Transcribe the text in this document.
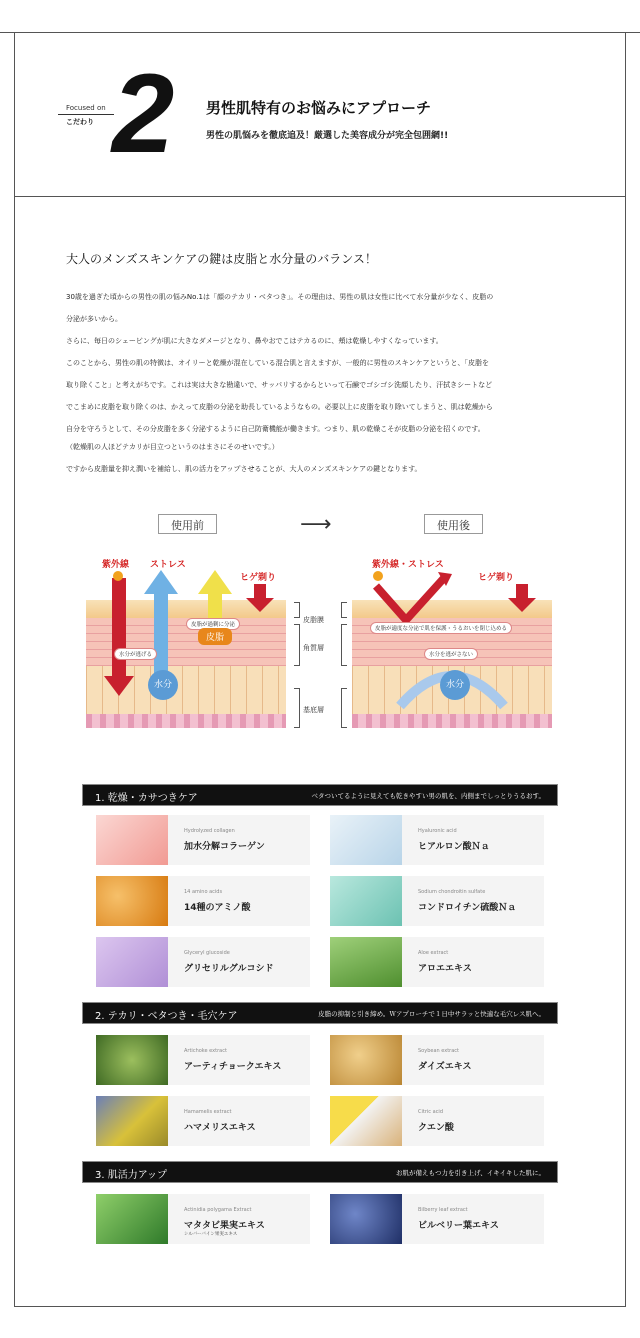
Focused on
こだわり 2 男性肌特有のお悩みにアプローチ
男性の肌悩みを徹底追及！厳選した美容成分が完全包囲網!!
大人のメンズスキンケアの鍵は皮脂と水分量のバランス！
30歳を過ぎた頃からの男性の肌の悩みNo.1は「顔のテカリ・ベタつき」。その理由は、男性の肌は女性に比べて水分量が少なく、皮脂の
分泌が多いから。
さらに、毎日のシェービングが肌に大きなダメージとなり、鼻やおでこはテカるのに、頬は乾燥しやすくなっています。
このことから、男性の肌の特徴は、オイリーと乾燥が混在している混合肌と言えますが、一般的に男性のスキンケアというと、「皮脂を
取り除くこと」と考えがちです。これは実は大きな勘違いで、サッパリするからといって石鹸でゴシゴシ洗顔したり、汗拭きシートなど
でこまめに皮脂を取り除くのは、かえって皮脂の分泌を助長しているようなもの。必要以上に皮脂を取り除いてしまうと、肌は乾燥から
自分を守ろうとして、その分皮脂を多く分泌するように自己防衛機能が働きます。つまり、肌の乾燥こそが皮脂の分泌を招くのです。
（乾燥肌の人ほどテカリが目立つというのはまさにそのせいです。）
ですから皮脂量を抑え潤いを補給し、肌の活力をアップさせることが、大人のメンズスキンケアの鍵となります。
使用前	⟶	使用後
紫外線 ストレス
ヒゲ剃り
皮脂が過剰に分泌
皮脂
水分が逃げる
水分
紫外線・ストレス
ヒゲ剃り
皮脂が適度な分泌で肌を保護・うるおいを閉じ込める
水分を逃がさない
水分
皮脂膜
角質層
基底層
1. 乾燥・カサつきケア	ベタついてるように見えても乾きやすい男の肌を、内側までしっとりうるおす。
Hydrolyzed collagen
加水分解コラーゲン
Hyaluronic acid
ヒアルロン酸Ｎａ
14 amino acids
14種のアミノ酸
Sodium chondroitin sulfate
コンドロイチン硫酸Ｎａ
Glyceryl glucoside
グリセリルグルコシド
Aloe extract
アロエエキス
2. テカリ・ベタつき・毛穴ケア	皮脂の抑制と引き締め。Ｗアプローチで１日中サラッと快適な毛穴レス肌へ。
Artichoke extract
アーティチョークエキス
Soybean extract
ダイズエキス
Hamamelis extract
ハマメリスエキス
Citric acid
クエン酸
3. 肌活力アップ	お肌が備えもつ力を引き上げ、イキイキした肌に。
Actinidia polygama Extract
マタタビ果実エキス
シルバーバイン果実エキス
Bilberry leaf extract
ビルベリー葉エキス
